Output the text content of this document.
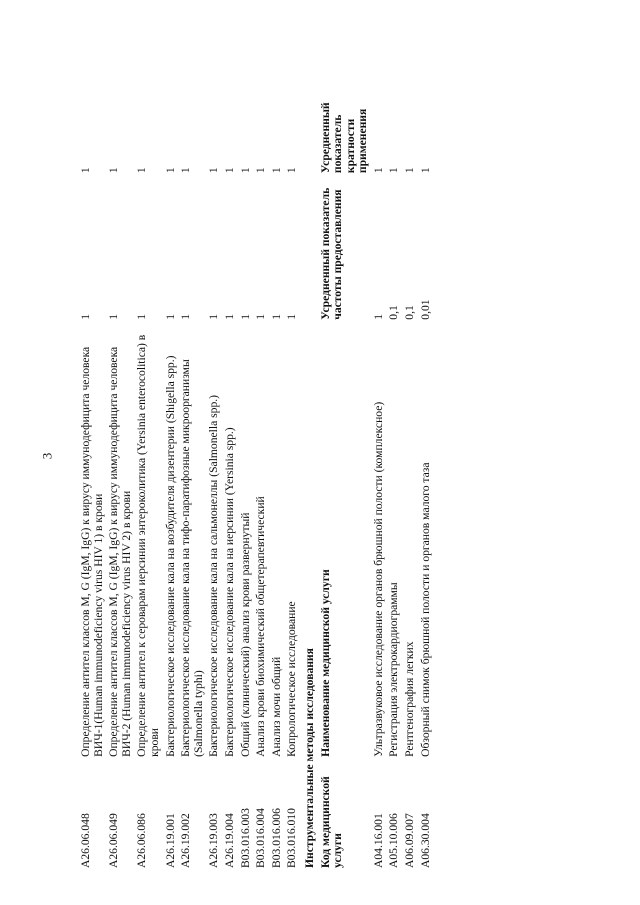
3
A26.06.048	Определение антител классов M, G (IgM, IgG) к вирусу иммунодефицита человека ВИЧ-1(Human immunodeficiency virus HIV 1) в крови	1	1
A26.06.049	Определение антител классов M, G (IgM, IgG) к вирусу иммунодефицита человека ВИЧ-2 (Human immunodeficiency virus HIV 2) в крови	1	1
A26.06.086	Определение антител к сероварам иерсинии энтероколитика (Yersinia enterocolitica) в крови	1	1
A26.19.001	Бактериологическое исследование кала на возбудителя дизентерии (Shigella spp.)	1	1
A26.19.002	Бактериологическое исследование кала на тифо-паратифозные микроорганизмы (Salmonella typhi)	1	1
A26.19.003	Бактериологическое исследование кала на сальмонеллы (Salmonella spp.)	1	1
A26.19.004	Бактериологическое исследование кала на иерсинии (Yersinia spp.)	1	1
B03.016.003	Общий (клинический) анализ крови развернутый	1	1
B03.016.004	Анализ крови биохимический общетерапевтический	1	1
B03.016.006	Анализ мочи общий	1	1
B03.016.010	Копрологическое исследование	1	1
Инструментальные методы исследования			
Код медицинской услуги	Наименование медицинской услуги	Усредненный показатель частоты предоставления	Усредненный показатель кратности применения
A04.16.001	Ультразвуковое исследование органов брюшной полости (комплексное)	1	1
A05.10.006	Регистрация электрокардиограммы	0,1	1
A06.09.007	Рентгенография легких	0,1	1
A06.30.004	Обзорный снимок брюшной полости и органов малого таза	0,01	1
